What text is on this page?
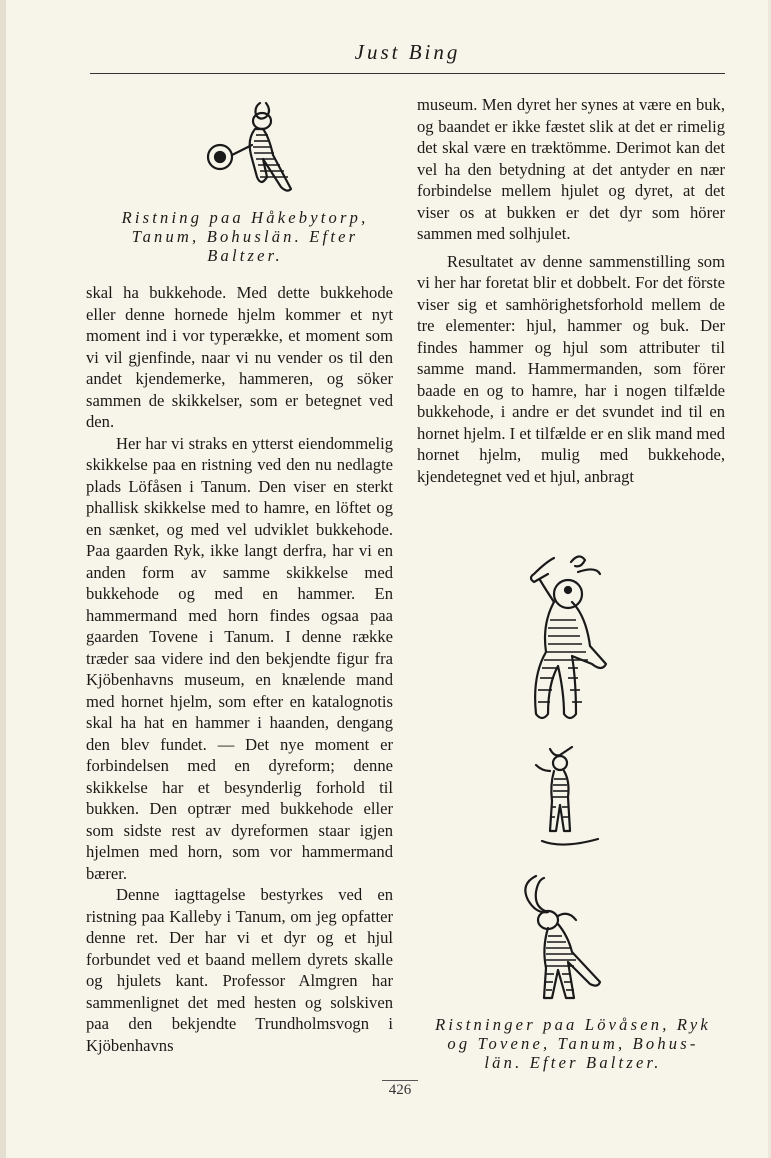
Just Bing
Ristning paa Håkebytorp,
Tanum, Bohuslän. Efter
Baltzer.

skal ha bukkehode. Med dette bukkehode eller denne hornede hjelm kommer et nyt moment ind i vor typerække, et moment som vi vil gjenfinde, naar vi nu vender os til den andet kjendemerke, hammeren, og söker sammen de skikkelser, som er betegnet ved den.

Her har vi straks en ytterst eiendommelig skikkelse paa en ristning ved den nu nedlagte plads Löfåsen i Tanum. Den viser en sterkt phallisk skikkelse med to hamre, en löftet og en sænket, og med vel udviklet bukkehode. Paa gaarden Ryk, ikke langt derfra, har vi en anden form av samme skikkelse med bukkehode og med en hammer. En hammermand med horn findes ogsaa paa gaarden Tovene i Tanum. I denne række træder saa videre ind den bekjendte figur fra Kjöbenhavns museum, en knælende mand med hornet hjelm, som efter en katalognotis skal ha hat en hammer i haanden, dengang den blev fundet. — Det nye moment er forbindelsen med en dyreform; denne skikkelse har et besynderlig forhold til bukken. Den optrær med bukkehode eller som sidste rest av dyreformen staar igjen hjelmen med horn, som vor hammermand bærer.

Denne iagttagelse bestyrkes ved en ristning paa Kalleby i Tanum, om jeg opfatter denne ret. Der har vi et dyr og et hjul forbundet ved et baand mellem dyrets skalle og hjulets kant. Professor Almgren har sammenlignet det med hesten og solskiven paa den bekjendte Trundholmsvogn i Kjöbenhavns

museum. Men dyret her synes at være en buk, og baandet er ikke fæstet slik at det er rimelig det skal være en træktömme. Derimot kan det vel ha den betydning at det antyder en nær forbindelse mellem hjulet og dyret, at det viser os at bukken er det dyr som hörer sammen med solhjulet.

Resultatet av denne sammenstilling som vi her har foretat blir et dobbelt. For det förste viser sig et samhörighetsforhold mellem de tre elementer: hjul, hammer og buk. Der findes hammer og hjul som attributer til samme mand. Hammermanden, som förer baade en og to hamre, har i nogen tilfælde bukkehode, i andre er det svundet ind til en hornet hjelm. I et tilfælde er en slik mand med hornet hjelm, mulig med bukkehode, kjendetegnet ved et hjul, anbragt

Ristninger paa Lövåsen, Ryk
og Tovene, Tanum, Bohus-
län. Efter Baltzer.
426
